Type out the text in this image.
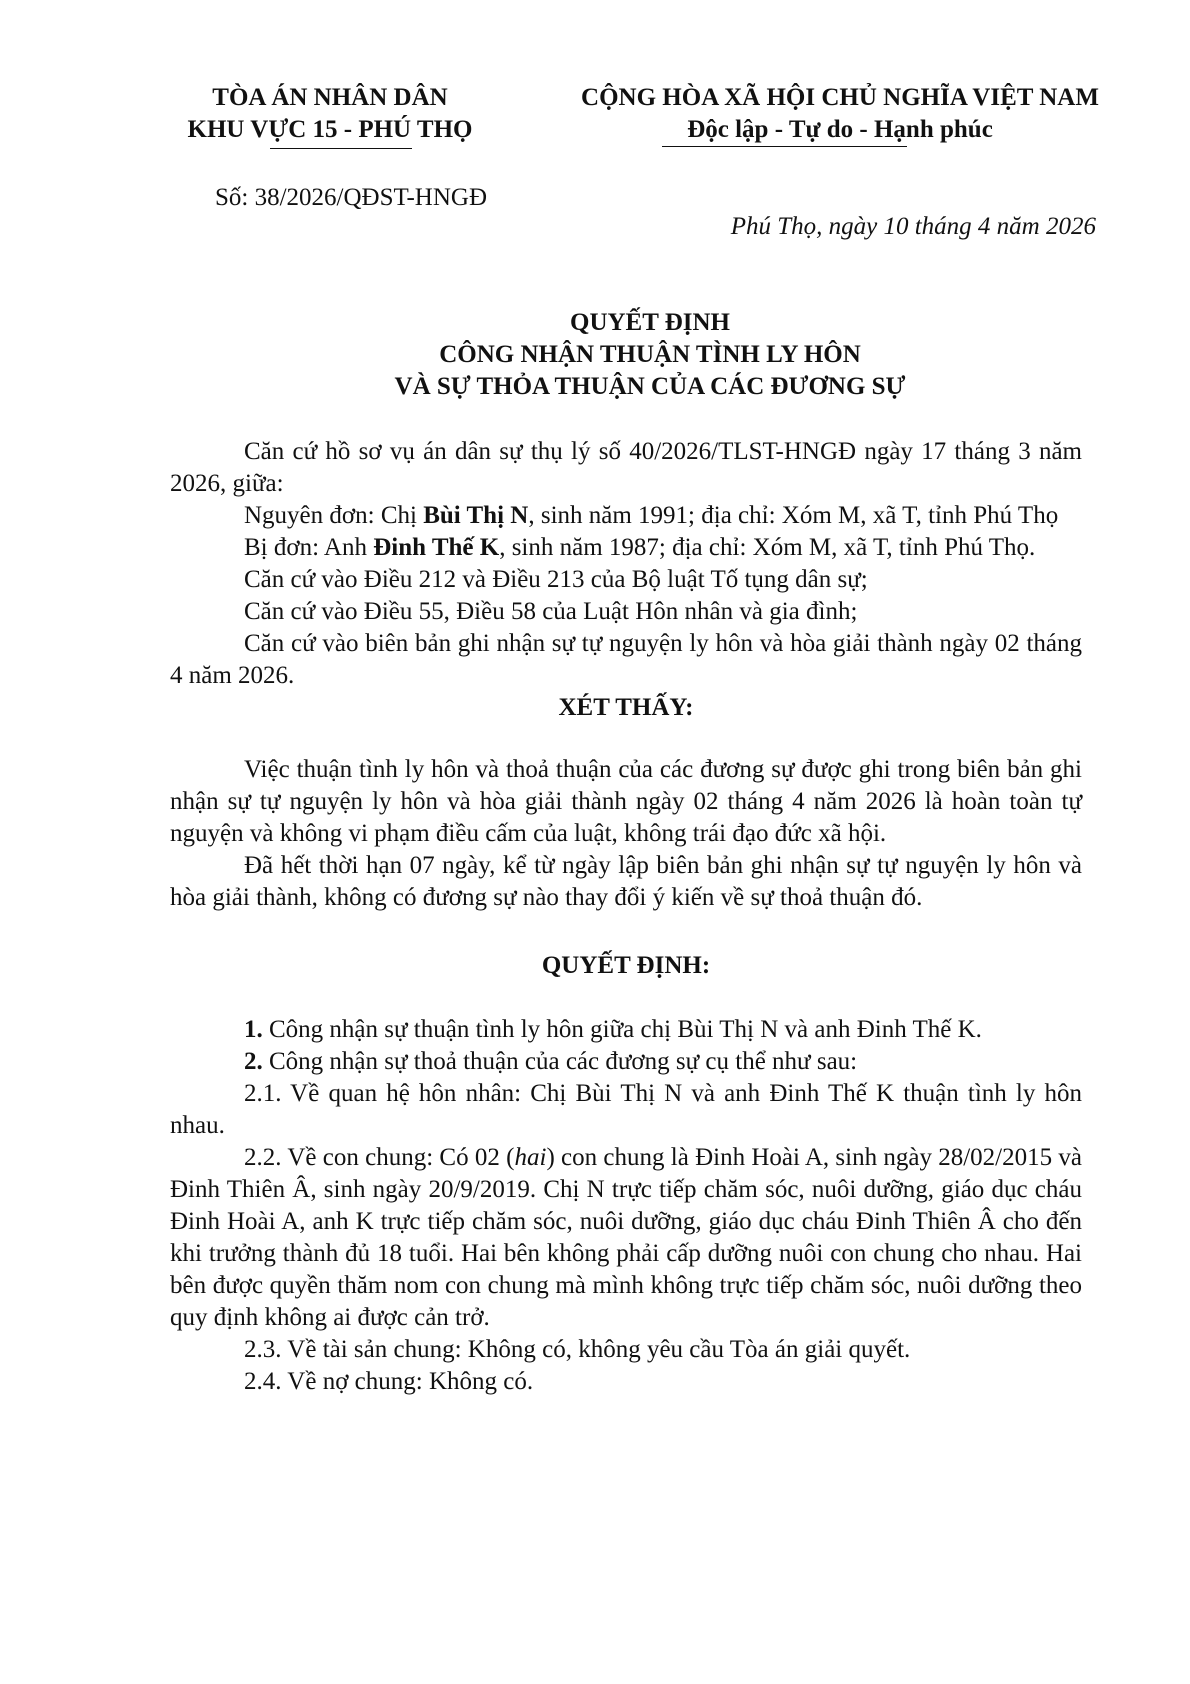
TÒA ÁN NHÂN DÂN
KHU VỰC 15 - PHÚ THỌ
CỘNG HÒA XÃ HỘI CHỦ NGHĨA VIỆT NAM
Độc lập - Tự do - Hạnh phúc
Số: 38/2026/QĐST-HNGĐ
Phú Thọ, ngày 10 tháng 4 năm 2026
QUYẾT ĐỊNH
CÔNG NHẬN THUẬN TÌNH LY HÔN
VÀ SỰ THỎA THUẬN CỦA CÁC ĐƯƠNG SỰ

Căn cứ hồ sơ vụ án dân sự thụ lý số 40/2026/TLST-HNGĐ ngày 17 tháng 3 năm 2026, giữa:

Nguyên đơn: Chị Bùi Thị N, sinh năm 1991; địa chỉ: Xóm M, xã T, tỉnh Phú Thọ

Bị đơn: Anh Đinh Thế K, sinh năm 1987; địa chỉ: Xóm M, xã T, tỉnh Phú Thọ.

Căn cứ vào Điều 212 và Điều 213 của Bộ luật Tố tụng dân sự;

Căn cứ vào Điều 55, Điều 58 của Luật Hôn nhân và gia đình;

Căn cứ vào biên bản ghi nhận sự tự nguyện ly hôn và hòa giải thành ngày 02 tháng 4 năm 2026.

XÉT THẤY:

Việc thuận tình ly hôn và thoả thuận của các đương sự được ghi trong biên bản ghi nhận sự tự nguyện ly hôn và hòa giải thành ngày 02 tháng 4 năm 2026 là hoàn toàn tự nguyện và không vi phạm điều cấm của luật, không trái đạo đức xã hội.

Đã hết thời hạn 07 ngày, kể từ ngày lập biên bản ghi nhận sự tự nguyện ly hôn và hòa giải thành, không có đương sự nào thay đổi ý kiến về sự thoả thuận đó.

QUYẾT ĐỊNH:

1. Công nhận sự thuận tình ly hôn giữa chị Bùi Thị N và anh Đinh Thế K.

2. Công nhận sự thoả thuận của các đương sự cụ thể như sau:

2.1. Về quan hệ hôn nhân: Chị Bùi Thị N và anh Đinh Thế K thuận tình ly hôn nhau.

2.2. Về con chung: Có 02 (hai) con chung là Đinh Hoài A, sinh ngày 28/02/2015 và Đinh Thiên Â, sinh ngày 20/9/2019. Chị N trực tiếp chăm sóc, nuôi dưỡng, giáo dục cháu Đinh Hoài A, anh K trực tiếp chăm sóc, nuôi dưỡng, giáo dục cháu Đinh Thiên Â cho đến khi trưởng thành đủ 18 tuổi. Hai bên không phải cấp dưỡng nuôi con chung cho nhau. Hai bên được quyền thăm nom con chung mà mình không trực tiếp chăm sóc, nuôi dưỡng theo quy định không ai được cản trở.

2.3. Về tài sản chung: Không có, không yêu cầu Tòa án giải quyết.

2.4. Về nợ chung: Không có.
